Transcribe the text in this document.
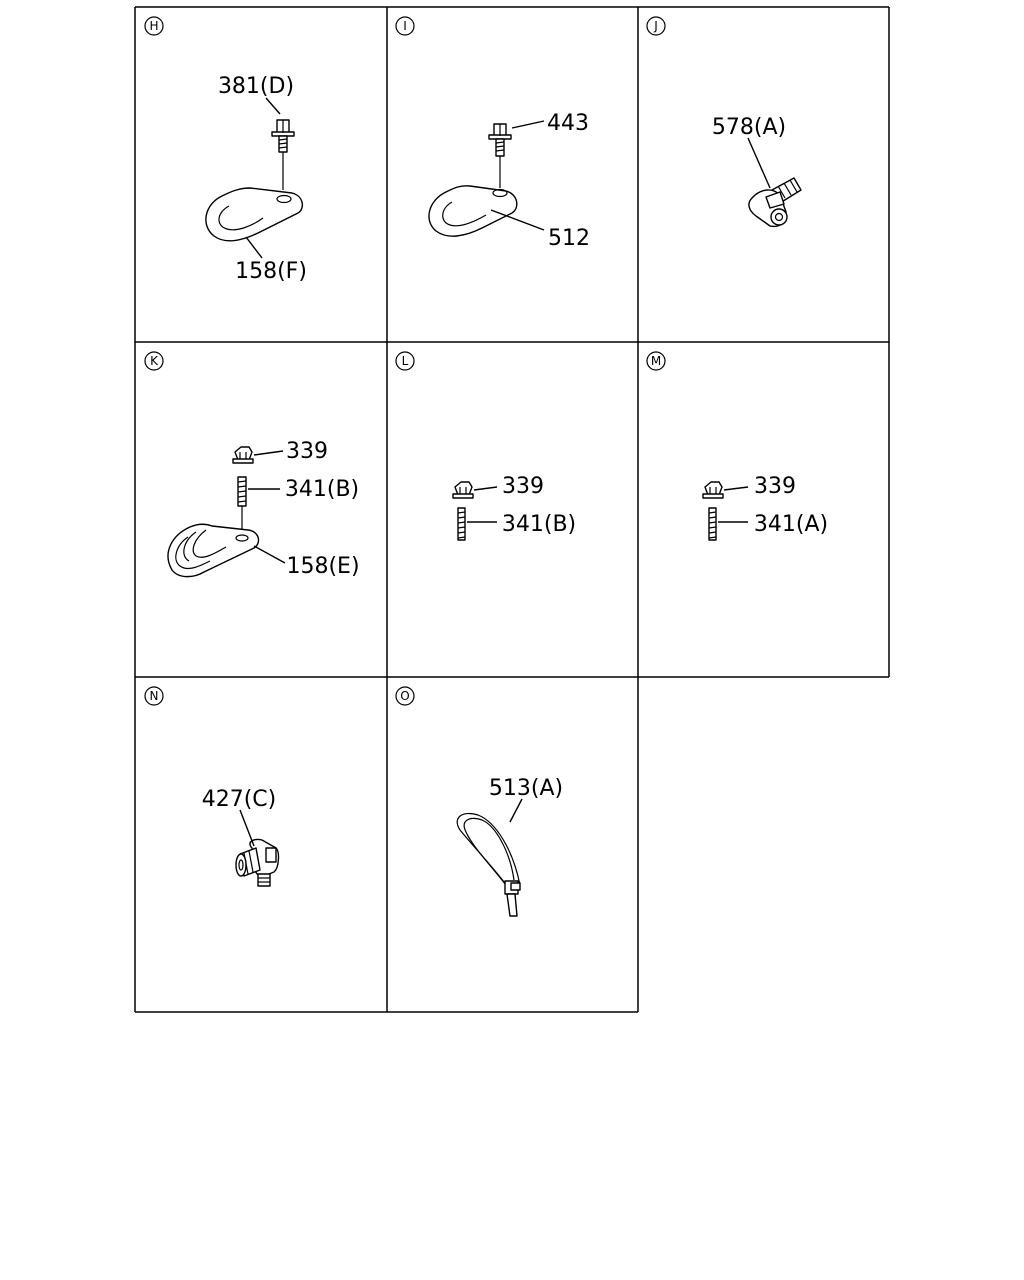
H
381(D)
158(F)
I
443
512
J
578(A)
K
339
341(B)
158(E)
L
339
341(B)
M
339
341(A)
N
427(C)
O
513(A)
